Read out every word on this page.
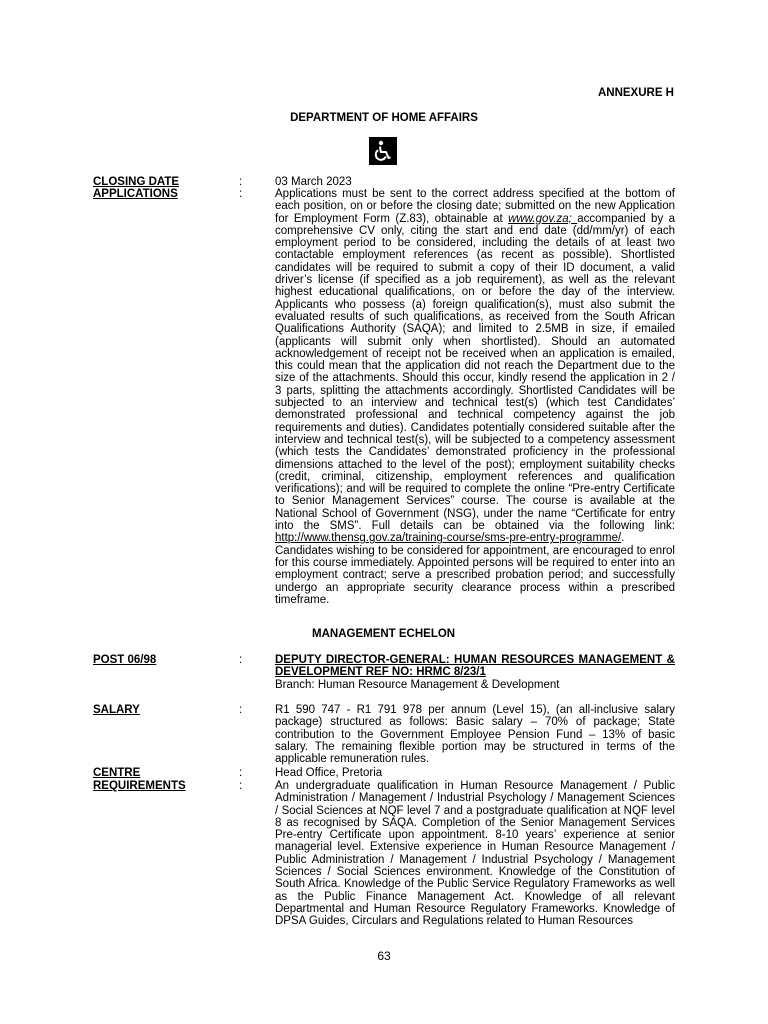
ANNEXURE H
DEPARTMENT OF HOME AFFAIRS
CLOSING DATE	:	03 March 2023
APPLICATIONS	:	Applications must be sent to the correct address specified at the bottom of each position, on or before the closing date; submitted on the new Application for Employment Form (Z.83), obtainable at www.gov.za; accompanied by a comprehensive CV only, citing the start and end date (dd/mm/yr) of each employment period to be considered, including the details of at least two contactable employment references (as recent as possible). Shortlisted candidates will be required to submit a copy of their ID document, a valid driver’s license (if specified as a job requirement), as well as the relevant highest educational qualifications, on or before the day of the interview. Applicants who possess (a) foreign qualification(s), must also submit the evaluated results of such qualifications, as received from the South African Qualifications Authority (SAQA); and limited to 2.5MB in size, if emailed (applicants will submit only when shortlisted). Should an automated acknowledgement of receipt not be received when an application is emailed, this could mean that the application did not reach the Department due to the size of the attachments. Should this occur, kindly resend the application in 2 / 3 parts, splitting the attachments accordingly. Shortlisted Candidates will be subjected to an interview and technical test(s) (which test Candidates’ demonstrated professional and technical competency against the job requirements and duties). Candidates potentially considered suitable after the interview and technical test(s), will be subjected to a competency assessment (which tests the Candidates’ demonstrated proficiency in the professional dimensions attached to the level of the post); employment suitability checks (credit, criminal, citizenship, employment references and qualification verifications); and will be required to complete the online “Pre-entry Certificate to Senior Management Services” course. The course is available at the National School of Government (NSG), under the name “Certificate for entry into the SMS”. Full details can be obtained via the following link: http://www.thensg.gov.za/training-course/sms-pre-entry-programme/. Candidates wishing to be considered for appointment, are encouraged to enrol for this course immediately. Appointed persons will be required to enter into an employment contract; serve a prescribed probation period; and successfully undergo an appropriate security clearance process within a prescribed timeframe.
MANAGEMENT ECHELON
POST 06/98	:	DEPUTY DIRECTOR-GENERAL: HUMAN RESOURCES MANAGEMENT & DEVELOPMENT REF NO: HRMC 8/23/1

Branch: Human Resource Management & Development

SALARY	:	R1 590 747 - R1 791 978 per annum (Level 15), (an all-inclusive salary package) structured as follows: Basic salary – 70% of package; State contribution to the Government Employee Pension Fund – 13% of basic salary. The remaining flexible portion may be structured in terms of the applicable remuneration rules.
CENTRE	:	Head Office, Pretoria
REQUIREMENTS	:	An undergraduate qualification in Human Resource Management / Public Administration / Management / Industrial Psychology / Management Sciences / Social Sciences at NQF level 7 and a postgraduate qualification at NQF level 8 as recognised by SAQA. Completion of the Senior Management Services Pre-entry Certificate upon appointment. 8-10 years’ experience at senior managerial level. Extensive experience in Human Resource Management / Public Administration / Management / Industrial Psychology / Management Sciences / Social Sciences environment. Knowledge of the Constitution of South Africa. Knowledge of the Public Service Regulatory Frameworks as well as the Public Finance Management Act. Knowledge of all relevant Departmental and Human Resource Regulatory Frameworks. Knowledge of DPSA Guides, Circulars and Regulations related to Human Resources
63
